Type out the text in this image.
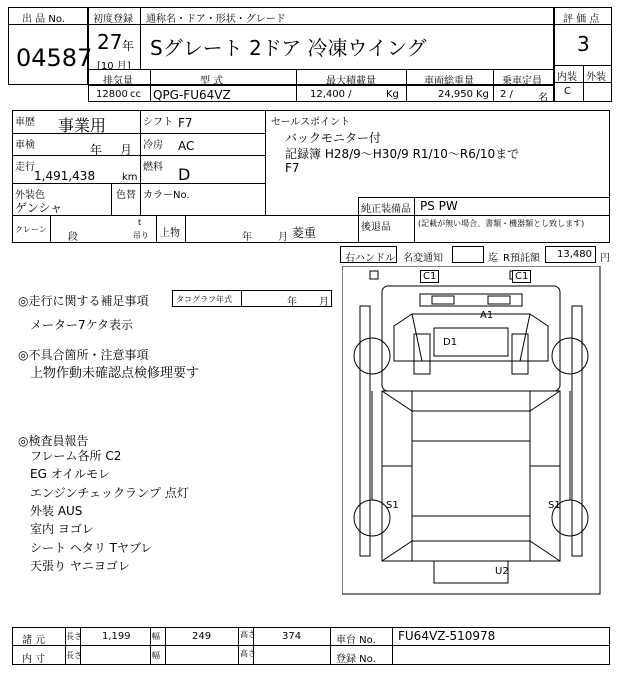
出 品 No.
04587
初度登録 通称名・ドア・形状・グレード
27 年
[10 月]
Sグレート 2ドア 冷凍ウイング
評 価 点
3
内装 外装
C
排気量	型 式	最大積載量	車両総重量	乗車定員
12800 cc QPG-FU64VZ	12,400 /	Kg	24,950 Kg 2 /	名
車歴 事業用	シフト F7
車検	年 月 冷房 AC
走行
1,491,438	km
燃料 D
外装色
ゲンシャ
色替 カラーNo.
セールスポイント
バックモニター付
記録簿 H28/9～H30/9 R1/10～R6/10まで
F7
純正装備品 PS PW
後退品	(記載が無い場合、書類・機器類とし致します)
クレーン
段
t
吊り 上物	年	月 菱重
右ハンドル 名変通知	迄 R預託額	13,480 円
◎走行に関する補足事項	タコグラフ年式	年 月
メーター7ケタ表示
◎不具合箇所・注意事項
上物作動未確認点検修理要す
◎検査員報告
フレーム各所 C2
EG オイルモレ
エンジンチェックランプ 点灯
外装 AUS
室内 ヨゴレ
シート ヘタリ Tヤブレ
天張り ヤニヨゴレ
C1	C1
A1
D1
S1	S1
U2
諸 元	長さ 1,199	幅	249	高さ	374	車台 No. FU64VZ-510978
内 寸	長さ	幅	高さ
登録 No.
